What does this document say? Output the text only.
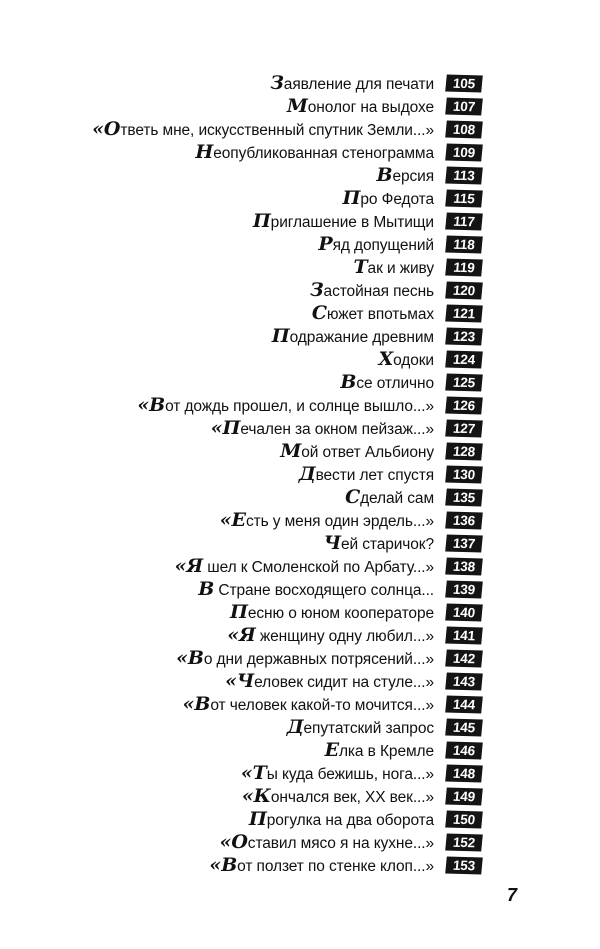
Заявление для печати	105
Монолог на выдохе	107
«Ответь мне, искусственный спутник Земли...»	108
Неопубликованная стенограмма	109
Версия	113
Про Федота	115
Приглашение в Мытищи	117
Ряд допущений	118
Так и живу	119
Застойная песнь	120
Сюжет впотьмах	121
Подражание древним	123
Ходоки	124
Все отлично	125
«Вот дождь прошел, и солнце вышло...»	126
«Печален за окном пейзаж...»	127
Мой ответ Альбиону	128
Двести лет спустя	130
Сделай сам	135
«Есть у меня один эрдель...»	136
Чей старичок?	137
«Я шел к Смоленской по Арбату...»	138
В Стране восходящего солнца...	139
Песню о юном кооператоре	140
«Я женщину одну любил...»	141
«Во дни державных потрясений...»	142
«Человек сидит на стуле...»	143
«Вот человек какой-то мочится...»	144
Депутатский запрос	145
Елка в Кремле	146
«Ты куда бежишь, нога...»	148
«Кончался век, XX век...»	149
Прогулка на два оборота	150
«Оставил мясо я на кухне...»	152
«Вот ползет по стенке клоп...»	153
7
